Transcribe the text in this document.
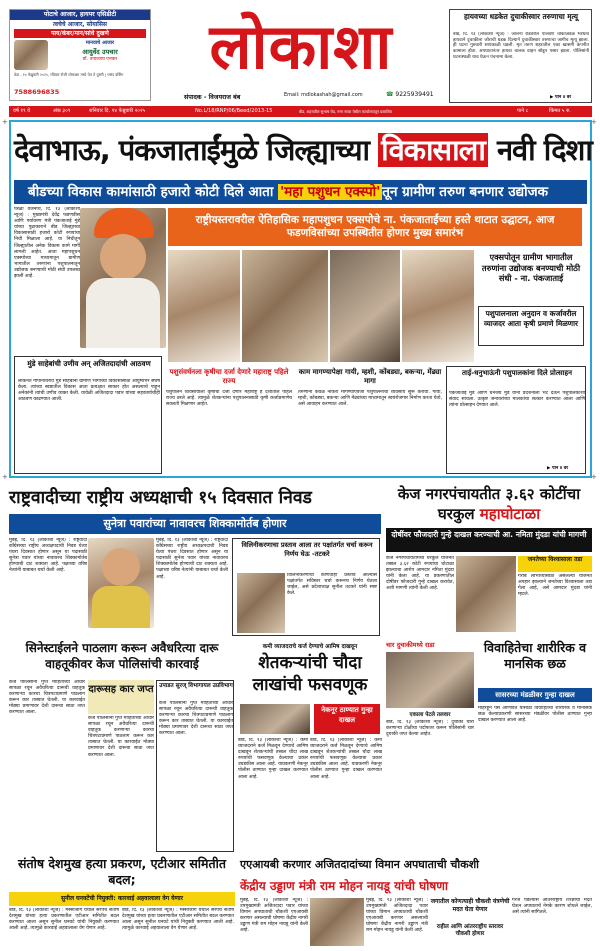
पोटाचे आजार, हायपर एसिडीटी
त्वचेचे आजार, सोयासिस
पाय/कंबर/मान/सांधे दुखणे
मानवाचे आजार
आयुर्वेद उपचार
डॉ. उपाध्याय एनकर
वेळ - १० फेब्रुवारी २०२५, रविवार रोजी लोकाशा मध्ये येत ते दुसरी | पसंद वर्किंग
7588696835
लोकाशा
संपादक - विजयराज बंब	Email: mdlokashah@gmail.com	☎ 9225939491
हायवच्या धडकेत दुचाकीस्वार तरुणाचा मृत्यू
बीड, दि. १३ (लोकाशा न्यूज) : जालना रोडवरील पालवण चौकाजवळ भरधाव हायवाने दुचाकीला जोराची धडक दिल्याने दुचाकीस्वार तरुणाचा जागीच मृत्यू झाला. ही घटना गुरुवारी सायंकाळी घडली. मृत तरुण शहरातील एका खासगी कंपनीत कामाला होता. अपघातानंतर हायवा चालक वाहन सोडून पसार झाला. पोलिसांनी घटनास्थळी धाव घेऊन पंचनामा केला.
▶ पान ४ वर
वर्ष १९ वे	अंक ३०९	शनिवार दि. १४ फेब्रुवारी २०२५	No.L/18/RNP/06/Beed/2013-15	बीड, शहरातील सुभाष रोड, नगर नाका येथील कार्यालयातून प्रकाशित	पाने ८	किंमत ५ रु.
देवाभाऊ, पंकजाताईंमुळे जिल्ह्याच्या विकासाला नवी दिशा
बीडच्या विकास कामांसाठी हजारो कोटी दिले आता 'महा पशुधन एक्स्पो' तून ग्रामीण तरुण बनणार उद्योजक
परळी वैजनाथ, दि. १३ (लोकाशा न्यूज) : मुख्यमंत्री देवेंद्र फडणवीस आणि पर्यावरण मंत्री पंकजाताई मुंडे यांच्या पुढाकाराने बीड जिल्ह्याच्या विकासासाठी हजारो कोटी रुपयांचा निधी मिळाला आहे. या निधीतून जिल्ह्यातील अनेक विकास कामे मार्गी लागली आहेत. आता महापशुधन एक्स्पोच्या माध्यमातून ग्रामीण भागातील तरुणांना पशुपालनातून उद्योजक बनण्याची मोठी संधी उपलब्ध झाली आहे.
राष्ट्रीयस्तरावरील ऐतिहासिक महापशुधन एक्सपोचे ना. पंकजाताईंच्या हस्ते थाटात उद्घाटन, आज फडणविसांच्या उपस्थितीत होणार मुख्य समारंभ
एक्सपोतून ग्रामीण भागातील तरुणांना उद्योजक बनण्याची मोठी संधी - ना. पंकजाताई
पशुपालनाला अनुदान व कर्जावरील व्याजदर आता कृषी प्रमाणे मिळणार
मुंडे साहेबांची उणीव अन् अजितदादांची आठवण
लोकनेते गोपीनाथराव मुंडे साहेबांनी ग्रामीण भागाच्या विकासासाठी आयुष्यभर संघर्ष केला. त्यांच्या स्वप्नातील विकास आता प्रत्यक्षात साकार होत असल्याचे पाहून अनेकांनी त्यांची उणीव व्यक्त केली. यावेळी अजितदादा पवार यांच्या सहकार्याचीही आठवण काढण्यात आली.
पशुसंवर्धनला कृषीचा दर्जा देणारे महाराष्ट्र पहिले राज्य
पशुपालन व्यवसायाला कृषीचा दर्जा देणारे महाराष्ट्र हे देशातील पहिले राज्य ठरले आहे. त्यामुळे शेतकऱ्यांना पशुपालनासाठी कृषी कर्जाप्रमाणेच सवलती मिळणार आहेत.
काम मागण्यापेक्षा गायी, म्हशी, कोंबड्या, बकऱ्या, मेंढ्या मागा
तरुणांनी केवळ नोकरी मागण्याऐवजी पशुपालनाचा व्यवसाय सुरू करावा. गायी, म्हशी, कोंबड्या, बकऱ्या आणि मेंढ्यांच्या माध्यमातून स्वयंरोजगार निर्माण करता येतो, असे आवाहन करण्यात आले.
ताई-धनुभाऊंनी पशुपालकांना दिले प्रोत्साहन
पंकजाताई मुंडे आणि धनंजय मुंडे यांनी प्रदर्शनाला भेट देऊन पशुपालकांशी संवाद साधला. उत्कृष्ट जनावरांच्या मालकांचा सत्कार करण्यात आला आणि त्यांना प्रोत्साहन देण्यात आले.
▶ पान ४ वर
राष्ट्रवादीच्या राष्ट्रीय अध्यक्षाची १५ दिवसात निवड
सुनेत्रा पवारांच्या नावावरच शिक्कामोर्तब होणार
मुंबई, दि. १३ (लोकाशा न्यूज) : राष्ट्रवादी काँग्रेसच्या राष्ट्रीय अध्यक्षपदाची निवड येत्या पंधरा दिवसात होणार असून या पदासाठी सुनेत्रा पवार यांच्या नावावरच शिक्कामोर्तब होण्याची दाट शक्यता आहे. पक्षाच्या वरिष्ठ नेत्यांनी याबाबत चर्चा केली आहे.
मुंबई, दि. १३ (लोकाशा न्यूज) : राष्ट्रवादी काँग्रेसच्या राष्ट्रीय अध्यक्षपदाची निवड येत्या पंधरा दिवसात होणार असून या पदासाठी सुनेत्रा पवार यांच्या नावावरच शिक्कामोर्तब होण्याची दाट शक्यता आहे. पक्षाच्या वरिष्ठ नेत्यांनी याबाबत चर्चा केली आहे.
विलिनीकरणाचा प्रस्ताव आला तर पक्षांतर्गत चर्चा करून निर्णय घेऊ -तटकरे
विलिनीकरणाचा कोणताही प्रस्ताव आल्यास पक्षांतर्गत सविस्तर चर्चा करूनच निर्णय घेतला जाईल, असे प्रदेशाध्यक्ष सुनील तटकरे यांनी स्पष्ट केले.
सिनेस्टाईलने पाठलाग करून अवैधरित्या दारू वाहतूकीवर केज पोलिसांची कारवाई
केज पोलिसांनी गुप्त माहितीच्या आधारे सापळा रचून अवैधरित्या दारूची वाहतूक करणाऱ्या कारचा चित्रपटाप्रमाणे पाठलाग करून कार ताब्यात घेतली. या कारवाईत मोठ्या प्रमाणावर देशी दारूचा साठा जप्त करण्यात आला.
दारूसह कार जप्त
केज पोलिसांनी गुप्त माहितीच्या आधारे सापळा रचून अवैधरित्या दारूची वाहतूक करणाऱ्या कारचा चित्रपटाप्रमाणे पाठलाग करून कार ताब्यात घेतली. या कारवाईत मोठ्या प्रमाणावर देशी दारूचा साठा जप्त करण्यात आला.
उपाडत सुरज् विभागायल उप्रविभाग
केज पोलिसांनी गुप्त माहितीच्या आधारे सापळा रचून अवैधरित्या दारूची वाहतूक करणाऱ्या कारचा चित्रपटाप्रमाणे पाठलाग करून कार ताब्यात घेतली. या कारवाईत मोठ्या प्रमाणावर देशी दारूचा साठा जप्त करण्यात आला.
कमी व्याजदराचे कर्ज देण्याचे आमिष दाखवून
शेतकऱ्यांची चौदा लाखांची फसवणूक
नेकनूर ठाण्यात गुन्हा दाखल
बीड, दि. १३ (लोकाशा न्यूज) : कमी व्याजदराने कर्ज मिळवून देण्याचे आमिष दाखवून शेतकऱ्यांची तब्बल चौदा लाख रुपयांची फसवणूक केल्याचा प्रकार उघडकीस आला आहे. याप्रकरणी नेकनूर पोलीस ठाण्यात गुन्हा दाखल करण्यात आला आहे.
बीड, दि. १३ (लोकाशा न्यूज) : कमी व्याजदराने कर्ज मिळवून देण्याचे आमिष दाखवून शेतकऱ्यांची तब्बल चौदा लाख रुपयांची फसवणूक केल्याचा प्रकार उघडकीस आला आहे. याप्रकरणी नेकनूर पोलीस ठाण्यात गुन्हा दाखल करण्यात आला आहे.
केज नगरपंचायतीत ३.६२ कोटींचा घरकुल महाघोटाळा
दोषींवर फौजदारी गुन्हे दाखल करण्याची आ. नमिता मुंदडा यांची मागणी
केज नगरपंचायतीमध्ये घरकुल योजनेत तब्बल ३.६२ कोटी रुपयांचा घोटाळा झाल्याचा आरोप आमदार नमिता मुंदडा यांनी केला आहे. या प्रकरणातील दोषींवर फौजदारी गुन्हे दाखल करावेत, अशी मागणी त्यांनी केली आहे.
जनतेच्या विश्वासाला तडा
गरीब लाभार्थ्यांसाठी असलेल्या योजनेत अपहार झाल्याने जनतेच्या विश्वासाला तडा गेला आहे, असे आमदार मुंदडा यांनी म्हटले.
चार दुचाकीमध्ये राडा
एकाला पेटले तलवार
बीड, दि. १३ (लोकाशा न्यूज) : दुचाकी चोरी करणाऱ्या टोळीचा पर्दाफाश करून पोलिसांनी चार दुचाकी जप्त केल्या आहेत.
विवाहितेचा शारीरिक व मानसिक छळ
सासरच्या मंडळीवर गुन्हा दाखल
माहेरहून पैसे आणावेत यासाठी विवाहितेचा शारीरिक व मानसिक छळ केल्याप्रकरणी सासरच्या मंडळींवर पोलीस ठाण्यात गुन्हा दाखल करण्यात आला आहे.
संतोष देशमुख हत्या प्रकरण, एटीआर समितीत बदल;
सुनील घनवटेंची नियुक्ती: कारवाई अहवालाला वेग येणार
बीड, दि. १३ (लोकाशा न्यूज) : मस्साजोग येथील सरपंच संतोष देशमुख यांच्या हत्या प्रकरणातील एटीआर समितीत बदल करण्यात आला असून सुनील घनवटे यांची नियुक्ती करण्यात आली आहे. त्यामुळे कारवाई अहवालाला वेग येणार आहे.
बीड, दि. १३ (लोकाशा न्यूज) : मस्साजोग येथील सरपंच संतोष देशमुख यांच्या हत्या प्रकरणातील एटीआर समितीत बदल करण्यात आला असून सुनील घनवटे यांची नियुक्ती करण्यात आली आहे. त्यामुळे कारवाई अहवालाला वेग येणार आहे.
एएआयबी करणार अजितदादांच्या विमान अपघाताची चौकशी
केंद्रीय उड्डाण मंत्री राम मोहन नायडू यांची घोषणा
मुंबई, दि. १३ (लोकाशा न्यूज) : उपमुख्यमंत्री अजितदादा पवार यांच्या विमान अपघाताची चौकशी एएआयबी करणार असल्याची घोषणा केंद्रीय नागरी उड्डाण मंत्री राम मोहन नायडू यांनी केली आहे.
मुंबई, दि. १३ (लोकाशा न्यूज) : उपमुख्यमंत्री अजितदादा पवार यांच्या विमान अपघाताची चौकशी एएआयबी करणार असल्याची घोषणा केंद्रीय नागरी उड्डाण मंत्री राम मोहन नायडू यांनी केली आहे.
जगातील कोणत्याही चौकशी यंत्रणेची मदत घेता येणार
राहील आणि आंतरराष्ट्रीय स्तरावर चौकशी होणार
गरज पडल्यास आंतरराष्ट्रीय तज्ज्ञांची मदत घेऊन अपघाताचे नेमके कारण शोधले जाईल, असे त्यांनी सांगितले.
+	+
+	+
